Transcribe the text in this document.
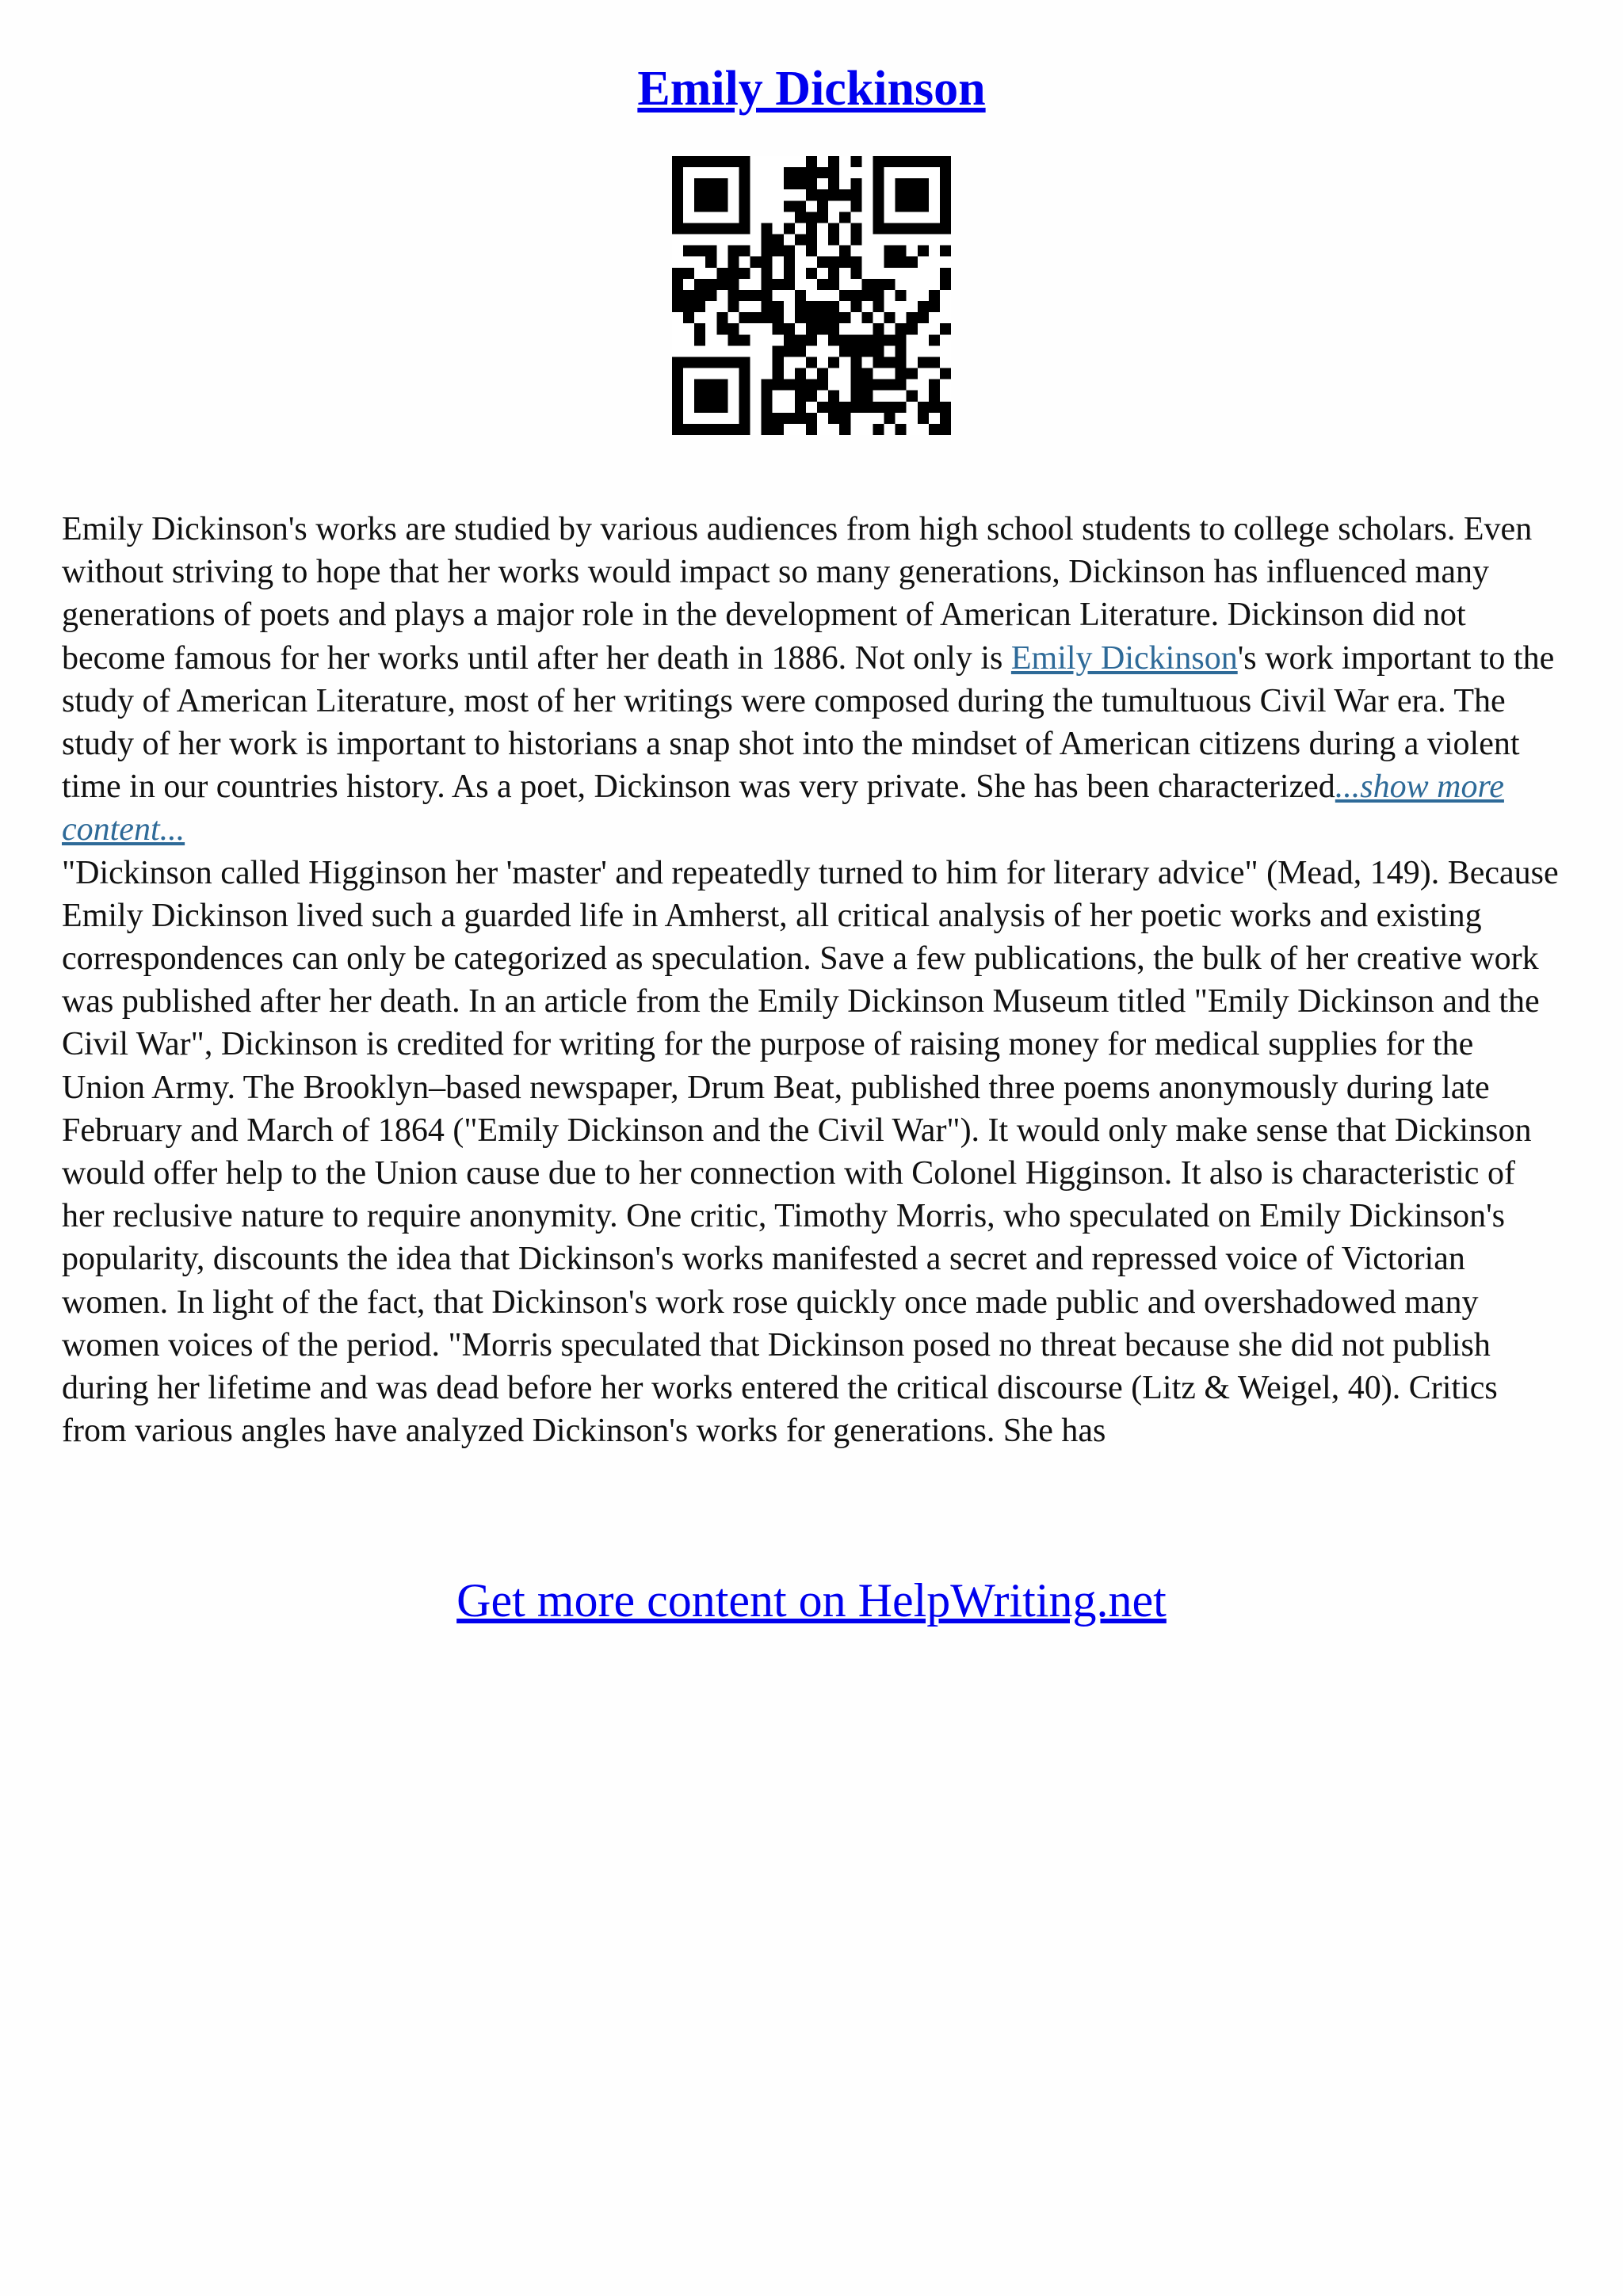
Emily Dickinson

Emily Dickinson's works are studied by various audiences from high school students to college scholars. Even without striving to hope that her works would impact so many generations, Dickinson has influenced many generations of poets and plays a major role in the development of American Literature. Dickinson did not become famous for her works until after her death in 1886. Not only is Emily Dickinson's work important to the study of American Literature, most of her writings were composed during the tumultuous Civil War era. The study of her work is important to historians a snap shot into the mindset of American citizens during a violent time in our countries history. As a poet, Dickinson was very private. She has been characterized...show more content...
"Dickinson called Higginson her 'master' and repeatedly turned to him for literary advice" (Mead, 149). Because Emily Dickinson lived such a guarded life in Amherst, all critical analysis of her poetic works and existing correspondences can only be categorized as speculation. Save a few publications, the bulk of her creative work was published after her death. In an article from the Emily Dickinson Museum titled "Emily Dickinson and the Civil War", Dickinson is credited for writing for the purpose of raising money for medical supplies for the Union Army. The Brooklyn–based newspaper, Drum Beat, published three poems anonymously during late February and March of 1864 ("Emily Dickinson and the Civil War"). It would only make sense that Dickinson would offer help to the Union cause due to her connection with Colonel Higginson. It also is characteristic of her reclusive nature to require anonymity. One critic, Timothy Morris, who speculated on Emily Dickinson's popularity, discounts the idea that Dickinson's works manifested a secret and repressed voice of Victorian women. In light of the fact, that Dickinson's work rose quickly once made public and overshadowed many women voices of the period. "Morris speculated that Dickinson posed no threat because she did not publish during her lifetime and was dead before her works entered the critical discourse (Litz & Weigel, 40). Critics from various angles have analyzed Dickinson's works for generations. She has

Get more content on HelpWriting.net
